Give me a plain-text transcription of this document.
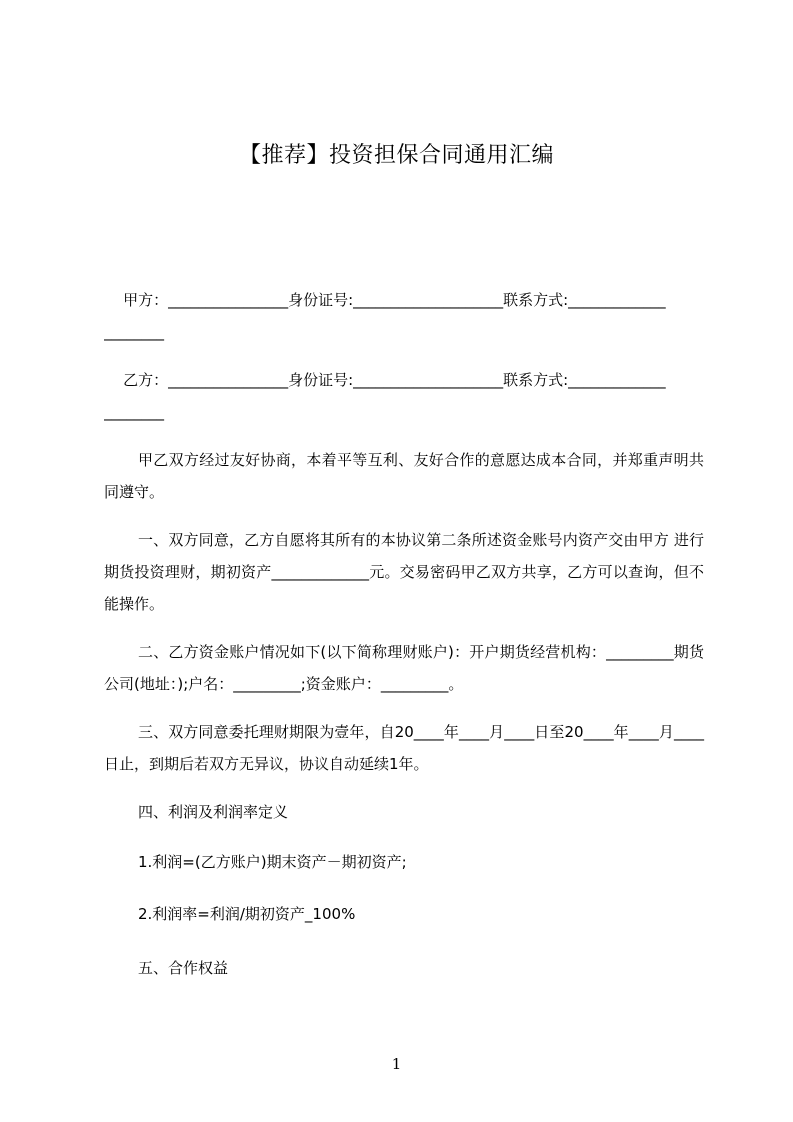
【推荐】投资担保合同通用汇编
甲方：________________身份证号:____________________联系方式:_____________
________
乙方：________________身份证号:____________________联系方式:_____________
________

甲乙双方经过友好协商，本着平等互利、友好合作的意愿达成本合同，并郑重声明共同遵守。

一、双方同意，乙方自愿将其所有的本协议第二条所述资金账号内资产交由甲方 进行期货投资理财，期初资产_____________元。交易密码甲乙双方共享，乙方可以查询，但不能操作。

二、乙方资金账户情况如下(以下简称理财账户)：开户期货经营机构：_________期货公司(地址：);户名：_________;资金账户：_________。

三、双方同意委托理财期限为壹年，自20____年____月____日至20____年____月____日止，到期后若双方无异议，协议自动延续1年。

四、利润及利润率定义

1.利润=(乙方账户)期末资产－期初资产;

2.利润率=利润/期初资产_100%

五、合作权益

1
